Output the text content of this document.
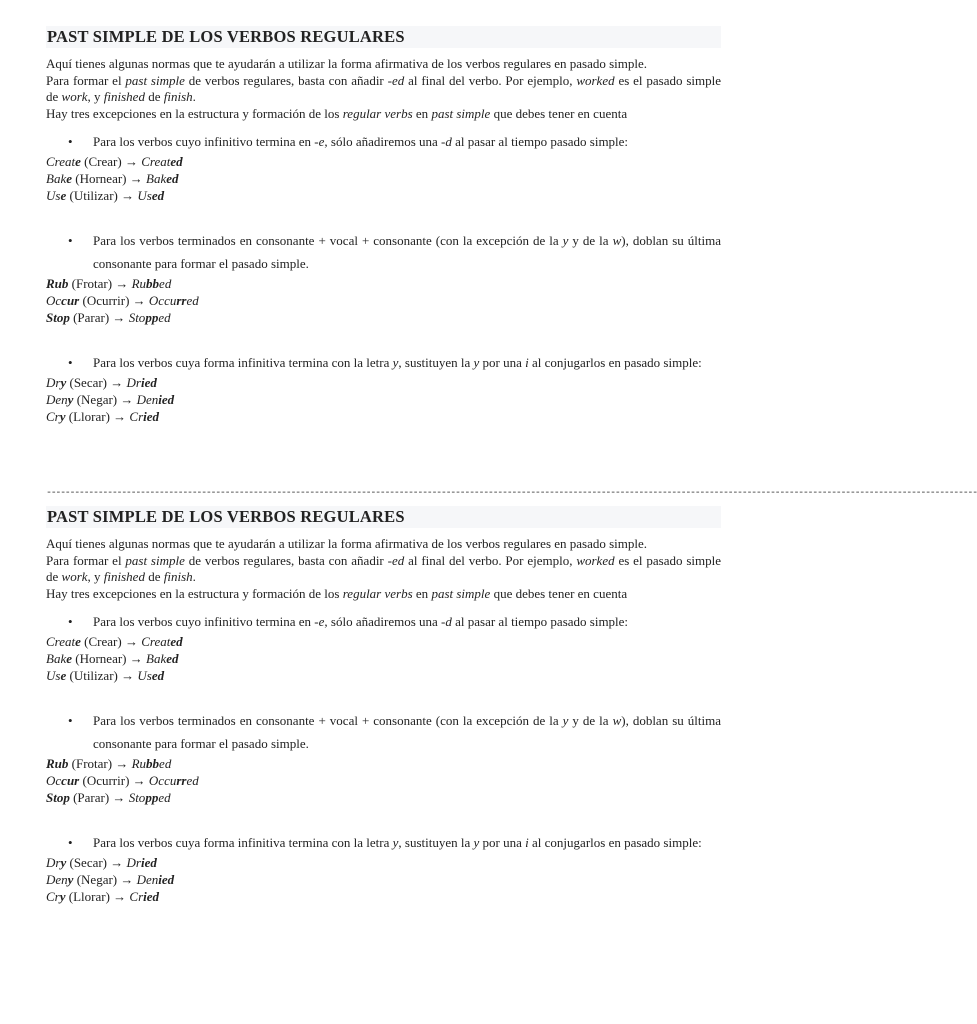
PAST SIMPLE DE LOS VERBOS REGULARES

Aquí tienes algunas normas que te ayudarán a utilizar la forma afirmativa de los verbos regulares en pasado simple.

Para formar el past simple de verbos regulares, basta con añadir -ed al final del verbo. Por ejemplo, worked es el pasado simple de work, y finished de finish.

Hay tres excepciones en la estructura y formación de los regular verbs en past simple que debes tener en cuenta

• Para los verbos cuyo infinitivo termina en -e, sólo añadiremos una -d al pasar al tiempo pasado simple:
Create (Crear) → Created
Bake (Hornear) → Baked
Use (Utilizar) → Used
• Para los verbos terminados en consonante + vocal + consonante (con la excepción de la y y de la w), doblan su última consonante para formar el pasado simple.
Rub (Frotar) → Rubbed
Occur (Ocurrir) → Occurred
Stop (Parar) → Stopped
• Para los verbos cuya forma infinitiva termina con la letra y, sustituyen la y por una i al conjugarlos en pasado simple:
Dry (Secar) → Dried
Deny (Negar) → Denied
Cry (Llorar) → Cried
------------------------------------------------------------------------------------------------------------------------------------------------------------------------------------------------------
PAST SIMPLE DE LOS VERBOS REGULARES

Aquí tienes algunas normas que te ayudarán a utilizar la forma afirmativa de los verbos regulares en pasado simple.

Para formar el past simple de verbos regulares, basta con añadir -ed al final del verbo. Por ejemplo, worked es el pasado simple de work, y finished de finish.

Hay tres excepciones en la estructura y formación de los regular verbs en past simple que debes tener en cuenta

• Para los verbos cuyo infinitivo termina en -e, sólo añadiremos una -d al pasar al tiempo pasado simple:
Create (Crear) → Created
Bake (Hornear) → Baked
Use (Utilizar) → Used
• Para los verbos terminados en consonante + vocal + consonante (con la excepción de la y y de la w), doblan su última consonante para formar el pasado simple.
Rub (Frotar) → Rubbed
Occur (Ocurrir) → Occurred
Stop (Parar) → Stopped
• Para los verbos cuya forma infinitiva termina con la letra y, sustituyen la y por una i al conjugarlos en pasado simple:
Dry (Secar) → Dried
Deny (Negar) → Denied
Cry (Llorar) → Cried
